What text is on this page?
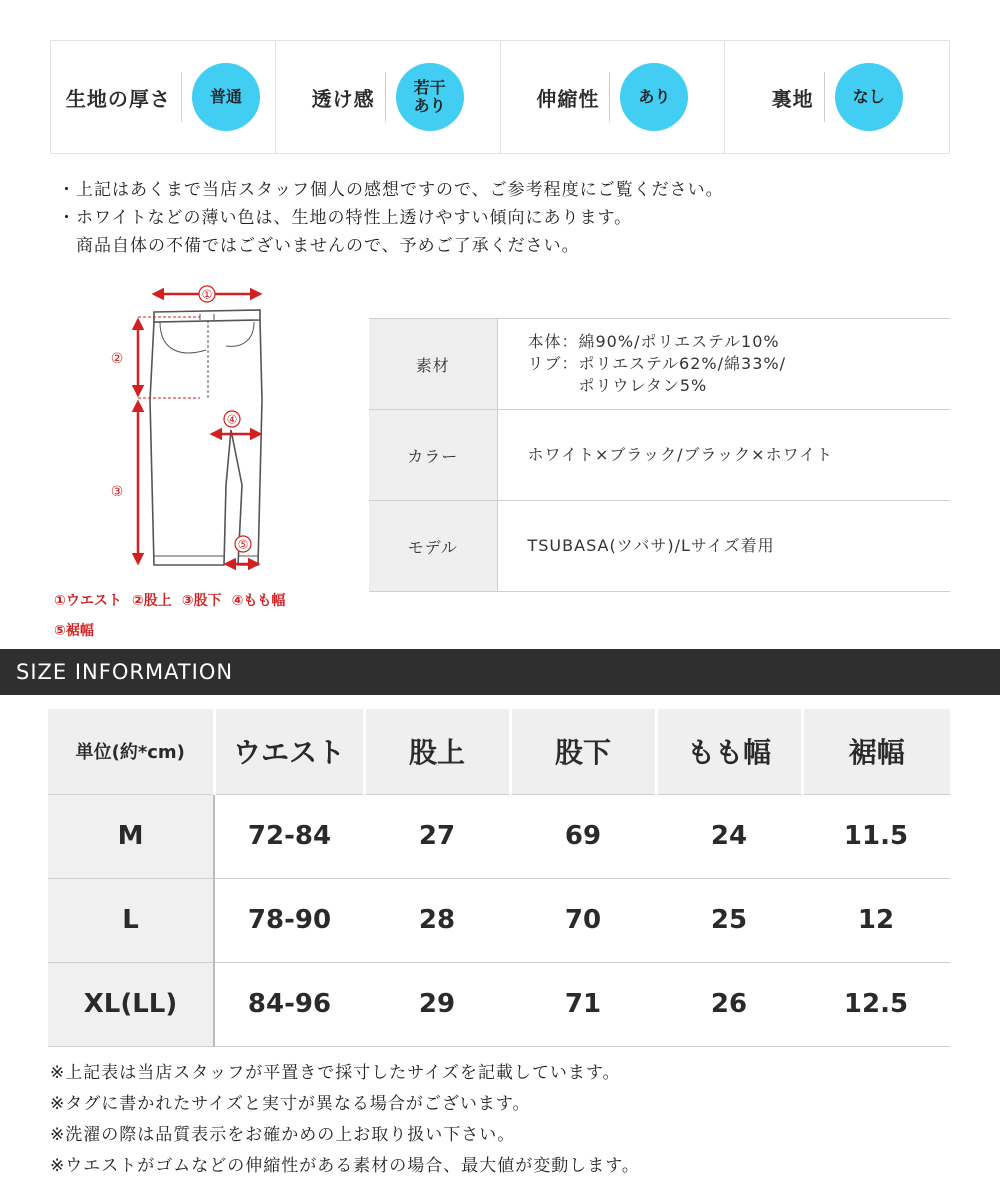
生地の厚さ	普通	透け感	若干
あり	伸縮性	あり	裏地	なし
・上記はあくまで当店スタッフ個人の感想ですので、ご参考程度にご覧ください。
・ホワイトなどの薄い色は、生地の特性上透けやすい傾向にあります。
商品自体の不備ではございませんので、予めご了承ください。
①
②
③
④
⑤
①ウエスト ②股上 ③股下 ④もも幅
⑤裾幅
素材	本体：綿90%/ポリエステル10%
リブ：ポリエステル62%/綿33%/
　　　ポリウレタン5%

カラー	ホワイト×ブラック/ブラック×ホワイト
モデル	TSUBASA(ツバサ)/Lサイズ着用
SIZE INFORMATION
単位(約*cm)	ウエスト	股上	股下	もも幅	裾幅
M	72-84	27	69	24	11.5
L	78-90	28	70	25	12
XL(LL)	84-96	29	71	26	12.5
※上記表は当店スタッフが平置きで採寸したサイズを記載しています。
※タグに書かれたサイズと実寸が異なる場合がございます。
※洗濯の際は品質表示をお確かめの上お取り扱い下さい。
※ウエストがゴムなどの伸縮性がある素材の場合、最大値が変動します。
